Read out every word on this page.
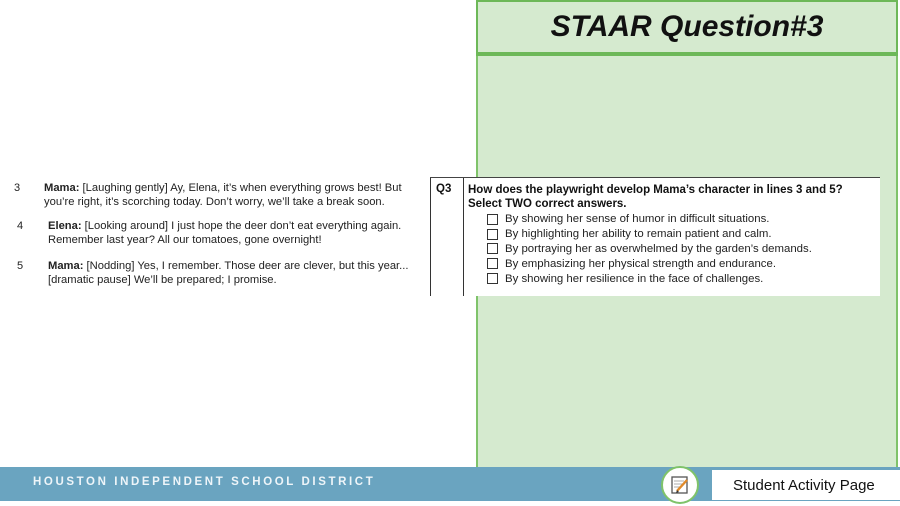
STAAR Question#3
3	Mama: [Laughing gently] Ay, Elena, it’s when everything grows best! But you’re right, it’s scorching today. Don’t worry, we’ll take a break soon.
4	Elena: [Looking around] I just hope the deer don’t eat everything again. Remember last year? All our tomatoes, gone overnight!
5	Mama: [Nodding] Yes, I remember. Those deer are clever, but this year... [dramatic pause] We’ll be prepared; I promise.
Q3 How does the playwright develop Mama’s character in lines 3 and 5?
Select TWO correct answers.
By showing her sense of humor in difficult situations.
By highlighting her ability to remain patient and calm.
By portraying her as overwhelmed by the garden’s demands.
By emphasizing her physical strength and endurance.
By showing her resilience in the face of challenges.
HOUSTON INDEPENDENT SCHOOL DISTRICT	Student Activity Page
